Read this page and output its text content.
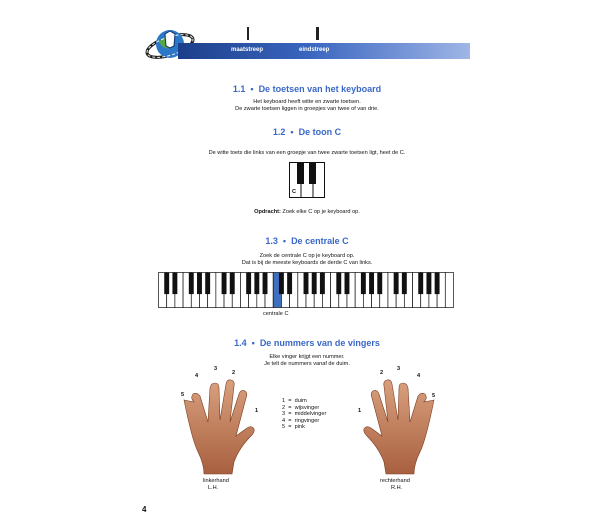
maatstreep	eindstreep
1.1  •  De toetsen van het keyboard
Het keyboard heeft witte en zwarte toetsen.
De zwarte toetsen liggen in groepjes van twee of van drie.
1.2  •  De toon C
De witte toets die links van een groepje van twee zwarte toetsen ligt, heet de C.
C
Opdracht: Zoek elke C op je keyboard op.
1.3  •  De centrale C
Zoek de centrale C op je keyboard op.
Dat is bij de meeste keyboards de derde C van links.
centrale C
1.4  •  De nummers van de vingers
Elke vinger krijgt een nummer.
Je telt de nummers vanaf de duim.
5
4
3
2
1
linkerhand
L.H.
1 = duim
2 = wijsvinger
3 = middelvinger
4 = ringvinger
5 = pink
1
2
3
4
5
rechterhand
R.H.
4
